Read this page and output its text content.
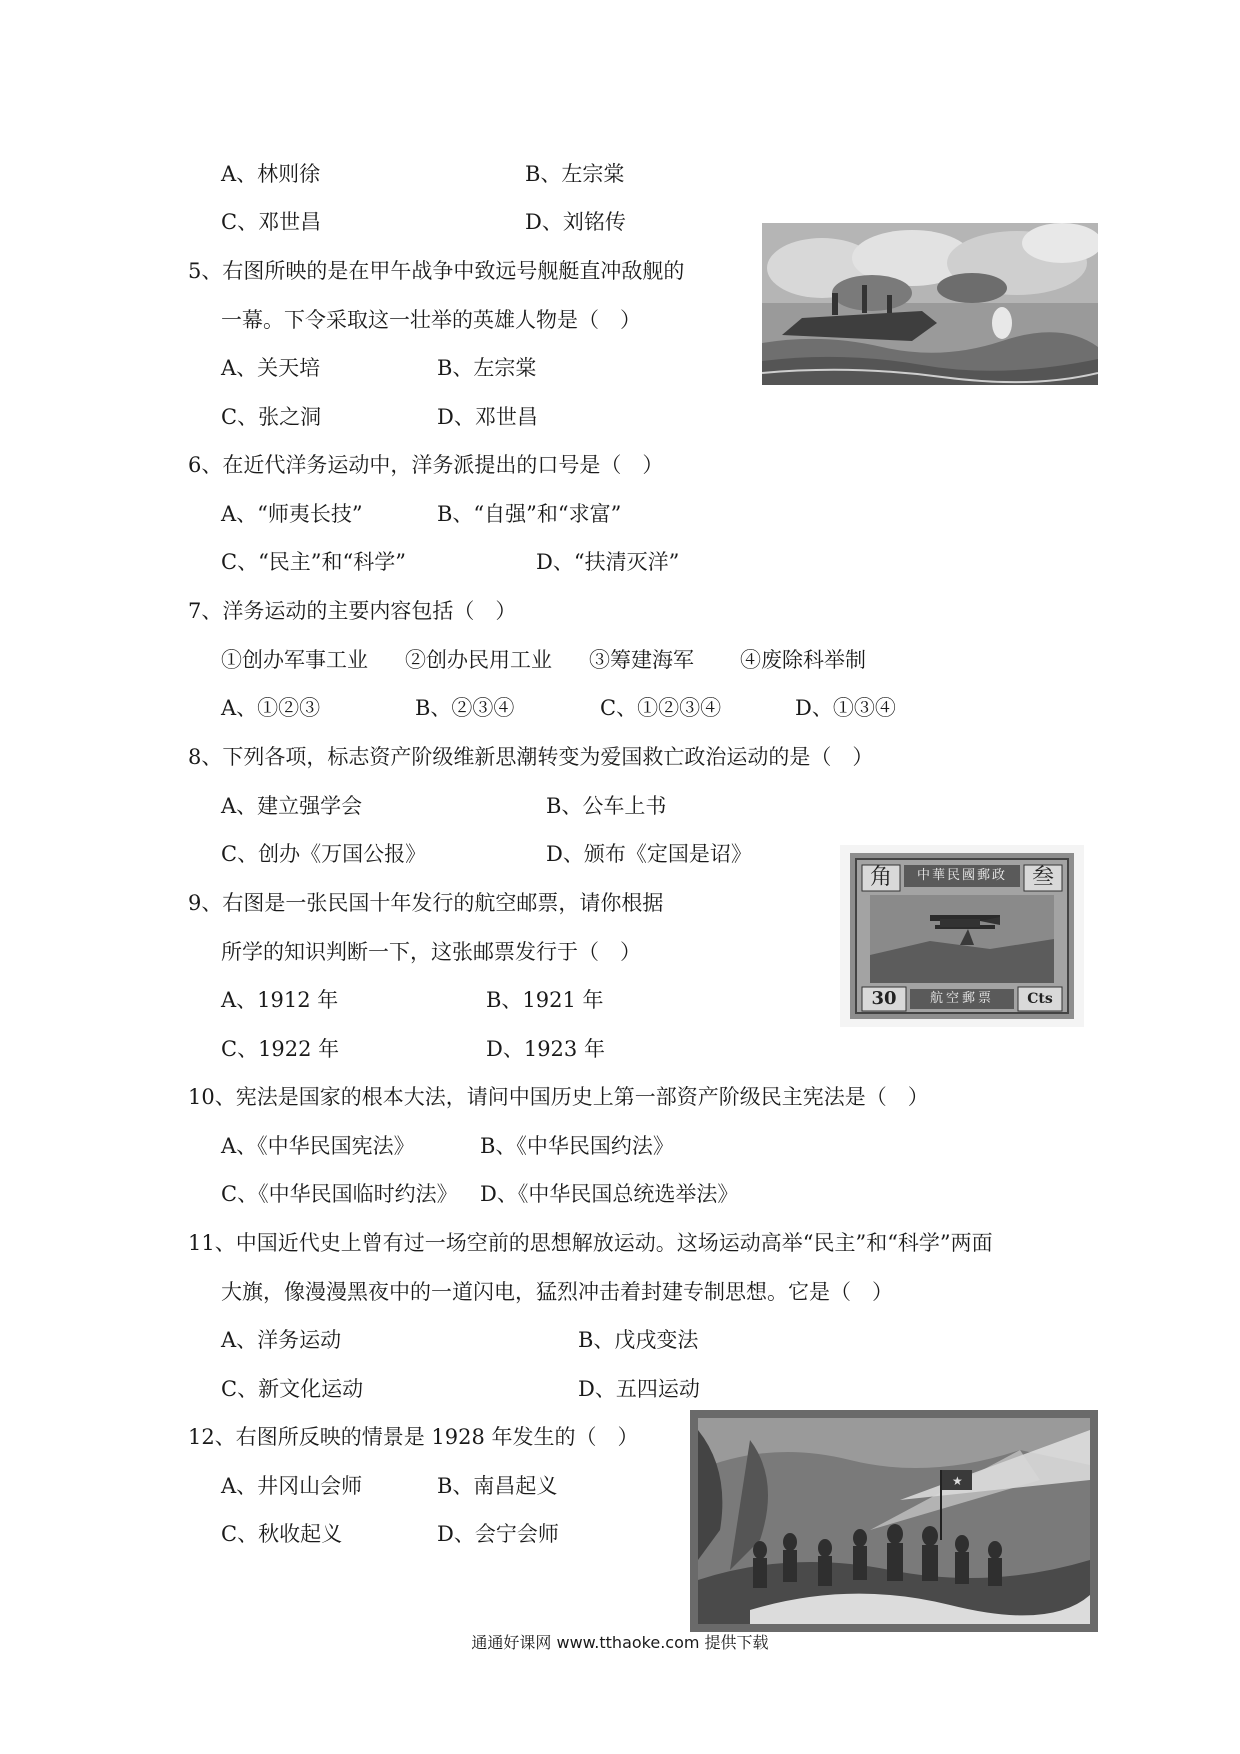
A、林则徐	B、左宗棠
C、邓世昌	D、刘铭传
5、右图所映的是在甲午战争中致远号舰艇直冲敌舰的
一幕。下令采取这一壮举的英雄人物是（　）
A、关天培	B、左宗棠
C、张之洞	D、邓世昌
6、在近代洋务运动中，洋务派提出的口号是（　）
A、“师夷长技”	B、“自强”和“求富”
C、“民主”和“科学”	D、“扶清灭洋”
7、洋务运动的主要内容包括（　）
①创办军事工业 ②创办民用工业 ③筹建海军 ④废除科举制
A、①②③	B、②③④	C、①②③④	D、①③④
8、下列各项，标志资产阶级维新思潮转变为爱国救亡政治运动的是（　）
A、建立强学会	B、公车上书
C、创办《万国公报》	D、颁布《定国是诏》
9、右图是一张民国十年发行的航空邮票，请你根据
所学的知识判断一下，这张邮票发行于（　）
A、1912 年	B、1921 年
C、1922 年	D、1923 年
角	叁
中華民國郵政
30	航空郵票	Cts
10、宪法是国家的根本大法，请问中国历史上第一部资产阶级民主宪法是（　）
A、《中华民国宪法》	B、《中华民国约法》
C、《中华民国临时约法》 D、《中华民国总统选举法》
11、中国近代史上曾有过一场空前的思想解放运动。这场运动高举“民主”和“科学”两面
大旗，像漫漫黑夜中的一道闪电，猛烈冲击着封建专制思想。它是（　）
A、洋务运动	B、戊戌变法
C、新文化运动	D、五四运动
12、右图所反映的情景是 1928 年发生的（　）
A、井冈山会师	B、南昌起义
C、秋收起义	D、会宁会师
★
通通好课网 www.tthaoke.com 提供下载
